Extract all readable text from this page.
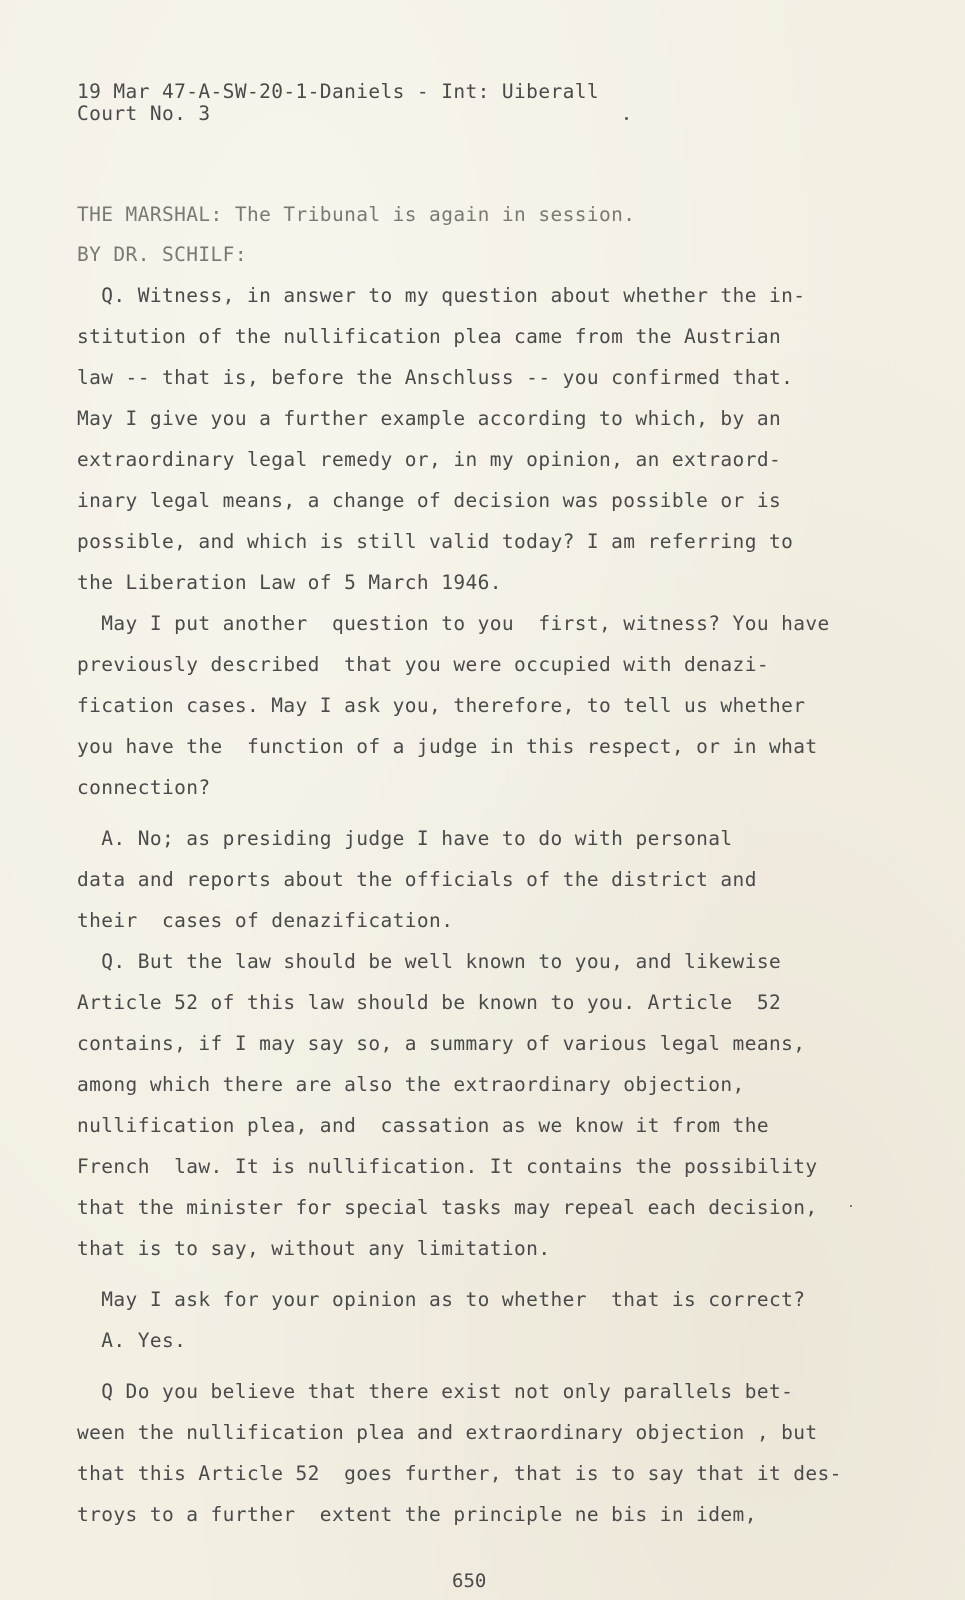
19 Mar 47-A-SW-20-1-Daniels - Int: Uiberall
Court No. 3
THE MARSHAL: The Tribunal is again in session.
BY DR. SCHILF:
Q. Witness, in answer to my question about whether the in-
stitution of the nullification plea came from the Austrian
law -- that is, before the Anschluss -- you confirmed that.
May I give you a further example according to which, by an
extraordinary legal remedy or, in my opinion, an extraord-
inary legal means, a change of decision was possible or is
possible, and which is still valid today? I am referring to
the Liberation Law of 5 March 1946.
May I put another  question to you  first, witness? You have
previously described  that you were occupied with denazi-
fication cases. May I ask you, therefore, to tell us whether
you have the  function of a judge in this respect, or in what
connection?
A. No; as presiding judge I have to do with personal
data and reports about the officials of the district and
their  cases of denazification.
Q. But the law should be well known to you, and likewise
Article 52 of this law should be known to you. Article  52
contains, if I may say so, a summary of various legal means,
among which there are also the extraordinary objection,
nullification plea, and  cassation as we know it from the
French  law. It is nullification. It contains the possibility
that the minister for special tasks may repeal each decision,
that is to say, without any limitation.
May I ask for your opinion as to whether  that is correct?
A. Yes.
Q Do you believe that there exist not only parallels bet-
ween the nullification plea and extraordinary objection , but
that this Article 52  goes further, that is to say that it des-
troys to a further  extent the principle ne bis in idem,
650
